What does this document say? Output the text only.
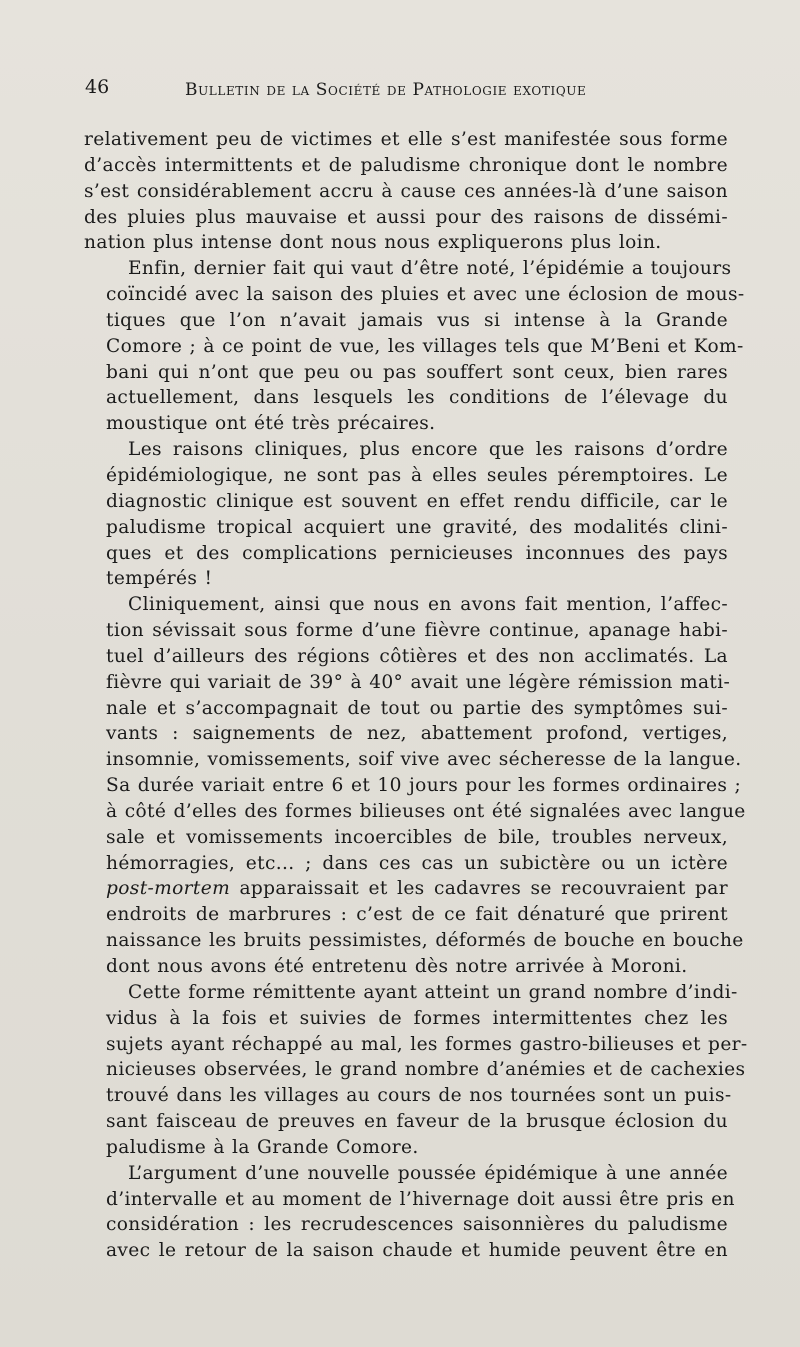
46	Bulletin de la Société de Pathologie exotique

relativement peu de victimes et elle s’est manifestée sous forme
d’accès intermittents et de paludisme chronique dont le nombre
s’est considérablement accru à cause ces années-là d’une saison
des pluies plus mauvaise et aussi pour des raisons de dissémi-
nation plus intense dont nous nous expliquerons plus loin.

Enfin, dernier fait qui vaut d’être noté, l’épidémie a toujours
coïncidé avec la saison des pluies et avec une éclosion de mous-
tiques que l’on n’avait jamais vus si intense à la Grande
Comore ; à ce point de vue, les villages tels que M’Beni et Kom-
bani qui n’ont que peu ou pas souffert sont ceux, bien rares
actuellement, dans lesquels les conditions de l’élevage du
moustique ont été très précaires.

Les raisons cliniques, plus encore que les raisons d’ordre
épidémiologique, ne sont pas à elles seules péremptoires. Le
diagnostic clinique est souvent en effet rendu difficile, car le
paludisme tropical acquiert une gravité, des modalités clini-
ques et des complications pernicieuses inconnues des pays
tempérés !

Cliniquement, ainsi que nous en avons fait mention, l’affec-
tion sévissait sous forme d’une fièvre continue, apanage habi-
tuel d’ailleurs des régions côtières et des non acclimatés. La
fièvre qui variait de 39° à 40° avait une légère rémission mati-
nale et s’accompagnait de tout ou partie des symptômes sui-
vants : saignements de nez, abattement profond, vertiges,
insomnie, vomissements, soif vive avec sécheresse de la langue.
Sa durée variait entre 6 et 10 jours pour les formes ordinaires ;
à côté d’elles des formes bilieuses ont été signalées avec langue
sale et vomissements incoercibles de bile, troubles nerveux,
hémorragies, etc... ; dans ces cas un subictère ou un ictère
post-mortem apparaissait et les cadavres se recouvraient par
endroits de marbrures : c’est de ce fait dénaturé que prirent
naissance les bruits pessimistes, déformés de bouche en bouche
dont nous avons été entretenu dès notre arrivée à Moroni.

Cette forme rémittente ayant atteint un grand nombre d’indi-
vidus à la fois et suivies de formes intermittentes chez les
sujets ayant réchappé au mal, les formes gastro-bilieuses et per-
nicieuses observées, le grand nombre d’anémies et de cachexies
trouvé dans les villages au cours de nos tournées sont un puis-
sant faisceau de preuves en faveur de la brusque éclosion du
paludisme à la Grande Comore.

L’argument d’une nouvelle poussée épidémique à une année
d’intervalle et au moment de l’hivernage doit aussi être pris en
considération : les recrudescences saisonnières du paludisme
avec le retour de la saison chaude et humide peuvent être en
